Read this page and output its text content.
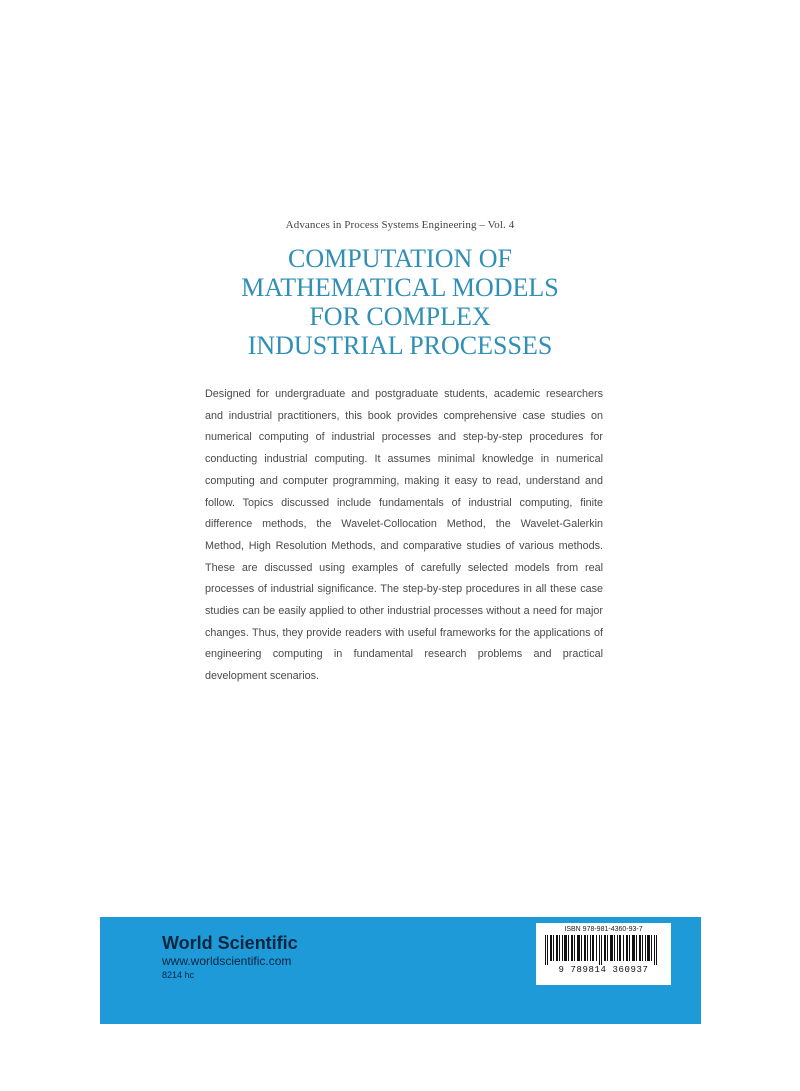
Advances in Process Systems Engineering – Vol. 4
COMPUTATION OF
MATHEMATICAL MODELS
FOR COMPLEX
INDUSTRIAL PROCESSES

Designed for undergraduate and postgraduate students, academic researchers and industrial practitioners, this book provides comprehensive case studies on numerical computing of industrial processes and step-by-step procedures for conducting industrial computing. It assumes minimal knowledge in numerical computing and computer programming, making it easy to read, understand and follow. Topics discussed include fundamentals of industrial computing, finite difference methods, the Wavelet-Collocation Method, the Wavelet-Galerkin Method, High Resolution Methods, and comparative studies of various methods. These are discussed using examples of carefully selected models from real processes of industrial significance. The step-by-step procedures in all these case studies can be easily applied to other industrial processes without a need for major changes. Thus, they provide readers with useful frameworks for the applications of engineering computing in fundamental research problems and practical development scenarios.

World Scientific
www.worldscientific.com
8214 hc
ISBN 978-981-4360-93-7
9 789814 360937
